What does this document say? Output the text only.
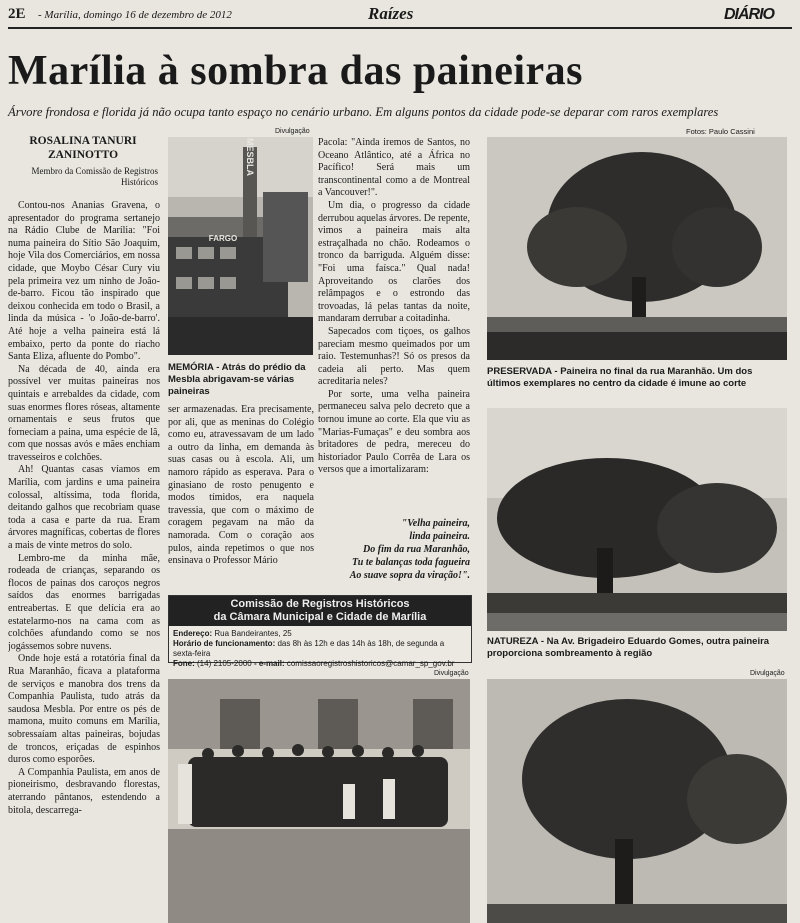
2E - Marília, domingo 16 de dezembro de 2012	Raízes	DIÁRIO
Marília à sombra das paineiras
Árvore frondosa e florida já não ocupa tanto espaço no cenário urbano. Em alguns pontos da cidade pode-se deparar com raros exemplares
Fotos: Paulo Cassini
ROSALINA TANURI ZANINOTTO
Membro da Comissão de Registros Históricos

Contou-nos Ananias Gravena, o apresentador do programa sertanejo na Rádio Clube de Marília: "Foi numa paineira do Sítio São Joaquim, hoje Vila dos Comerciários, em nossa cidade, que Moybo César Cury viu pela primeira vez um ninho de João-de-barro. Ficou tão inspirado que deixou conhecida em todo o Brasil, a linda da música - 'o João-de-barro'. Até hoje a velha paineira está lá embaixo, perto da ponte do riacho Santa Eliza, afluente do Pombo".

Na década de 40, ainda era possível ver muitas paineiras nos quintais e arrebaldes da cidade, com suas enormes flores róseas, altamente ornamentais e seus frutos que forneciam a paina, uma espécie de lã, com que nossas avós e mães enchiam travesseiros e colchões.

Ah! Quantas casas víamos em Marília, com jardins e uma paineira colossal, altíssima, toda florida, deitando galhos que recobriam quase toda a casa e parte da rua. Eram árvores magníficas, cobertas de flores a mais de vinte metros do solo.

Lembro-me da minha mãe, rodeada de crianças, separando os flocos de painas dos caroços negros saídos das enormes barrigadas entreabertas. E que delícia era ao estatelarmo-nos na cama com as colchões afundando como se nos jogássemos sobre nuvens.

Onde hoje está a rotatória final da Rua Maranhão, ficava a plataforma de serviços e manobra dos trens da Companhia Paulista, tudo atrás da saudosa Mesbla. Por entre os pés de mamona, muito comuns em Marília, sobressaíam altas paineiras, bojudas de troncos, eriçadas de espinhos duros como esporões.

A Companhia Paulista, em anos de pioneirismo, desbravando florestas, aterrando pântanos, estendendo a bitola, descarrega-

Divulgação
MESBLA
FARGO
MEMÓRIA - Atrás do prédio da Mesbla abrigavam-se várias paineiras

ser armazenadas. Era precisamente, por ali, que as meninas do Colégio como eu, atravessavam de um lado a outro da linha, em demanda às suas casas ou à escola. Ali, um namoro rápido as esperava. Para o ginasiano de rosto penugento e modos tímidos, era naquela travessia, que com o máximo de coragem pegavam na mão da namorada. Com o coração aos pulos, ainda repetimos o que nos ensinava o Professor Mário

Pacola: "Ainda iremos de Santos, no Oceano Atlântico, até a África no Pacífico! Será mais um transcontinental como a de Montreal a Vancouver!".

Um dia, o progresso da cidade derrubou aquelas árvores. De repente, vimos a paineira mais alta estraçalhada no chão. Rodeamos o tronco da barriguda. Alguém disse: "Foi uma faísca." Qual nada! Aproveitando os clarões dos relâmpagos e o estrondo das trovoadas, lá pelas tantas da noite, mandaram derrubar a coitadinha.

Sapecados com tiçoes, os galhos pareciam mesmo queimados por um raio. Testemunhas?! Só os presos da cadeia ali perto. Mas quem acreditaria neles?

Por sorte, uma velha paineira permaneceu salva pelo decreto que a tornou imune ao corte. Ela que viu as "Marias-Fumaças" e deu sombra aos britadores de pedra, mereceu do historiador Paulo Corrêa de Lara os versos que a imortalizaram:

"Velha paineira,
linda paineira.
Do fim da rua Maranhão,
Tu te balanças toda fagueira
Ao suave sopra da viração!".
Comissão de Registros Históricos
da Câmara Municipal e Cidade de Marília
Endereço: Rua Bandeirantes, 25
Horário de funcionamento: das 8h às 12h e das 14h às 18h, de segunda a sexta-feira
Fone: (14) 2105-2000 - e-mail: comissaoregistroshistoricos@camar_sp_gov.br
Divulgação
PRESERVADA - Paineira no final da rua Maranhão. Um dos últimos exemplares no centro da cidade é imune ao corte
NATUREZA - Na Av. Brigadeiro Eduardo Gomes, outra paineira proporciona sombreamento à região
Divulgação
